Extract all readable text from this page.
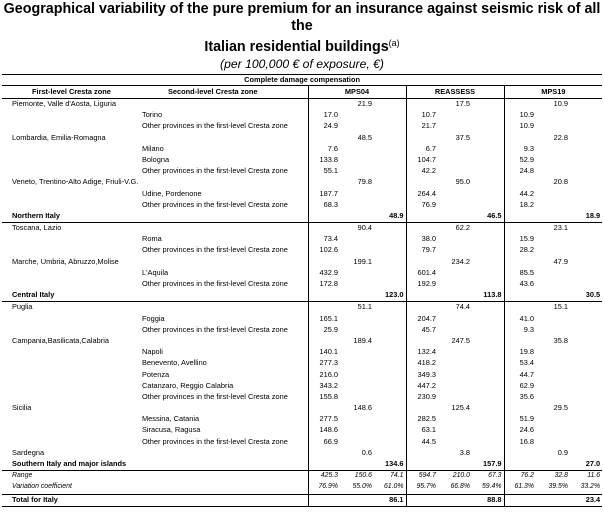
Geographical variability of the pure premium for an insurance against seismic risk of all the
Italian residential buildings$^{(a)}$
(per 100,000 € of exposure, €)
Complete damage compensation										
First-level Cresta zone	Second-level Cresta zone	MPS04			REASSESS			MPS19		
Piemonte, Valle d'Aosta, Liguria			21.9			17.5			10.9	
	Torino	17.0			10.7			10.9		
	Other provinces in the first-level Cresta zone	24.9			21.7			10.9		
Lombardia, Emilia-Romagna			48.5			37.5			22.8	
	Milano	7.6			6.7			9.3		
	Bologna	133.8			104.7			52.9		
	Other provinces in the first-level Cresta zone	55.1			42.2			24.8		
Veneto, Trentino-Alto Adige, Friuli-V.G.			79.8			95.0			20.8	
	Udine, Pordenone	187.7			264.4			44.2		
	Other provinces in the first-level Cresta zone	68.3			76.9			18.2		
Northern Italy				48.9			46.5			18.9
Toscana, Lazio			90.4			62.2			23.1	
	Roma	73.4			38.0			15.9		
	Other provinces in the first-level Cresta zone	102.6			79.7			28.2		
Marche, Umbria, Abruzzo,Molise			199.1			234.2			47.9	
	L'Aquila	432.9			601.4			85.5		
	Other provinces in the first-level Cresta zone	172.8			192.9			43.6		
Central Italy				123.0			113.8			30.5
Puglia			51.1			74.4			15.1	
	Foggia	165.1			204.7			41.0		
	Other provinces in the first-level Cresta zone	25.9			45.7			9.3		
Campania,Basilicata,Calabria			189.4			247.5			35.8	
	Napoli	140.1			132.4			19.8		
	Benevento, Avellino	277.3			418.2			53.4		
	Potenza	216.0			349.3			44.7		
	Catanzaro, Reggio Calabria	343.2			447.2			62.9		
	Other provinces in the first-level Cresta zone	155.8			230.9			35.6		
Sicilia			148.6			125.4			29.5	
	Messina, Catania	277.5			282.5			51.9		
	Siracusa, Ragusa	148.6			63.1			24.6		
	Other provinces in the first-level Cresta zone	66.9			44.5			16.8		
Sardegna			0.6			3.8			0.9	
Southern Italy and major islands				134.6			157.9			27.0
Range		425.3	150.6	74.1	594.7	210.0	67.3	76.2	32.8	11.6
Variation coefficient		76.9%	55.0%	61.0%	95.7%	66.8%	59.4%	61.3%	39.5%	33.2%
Total for Italy				86.1			88.8			23.4
